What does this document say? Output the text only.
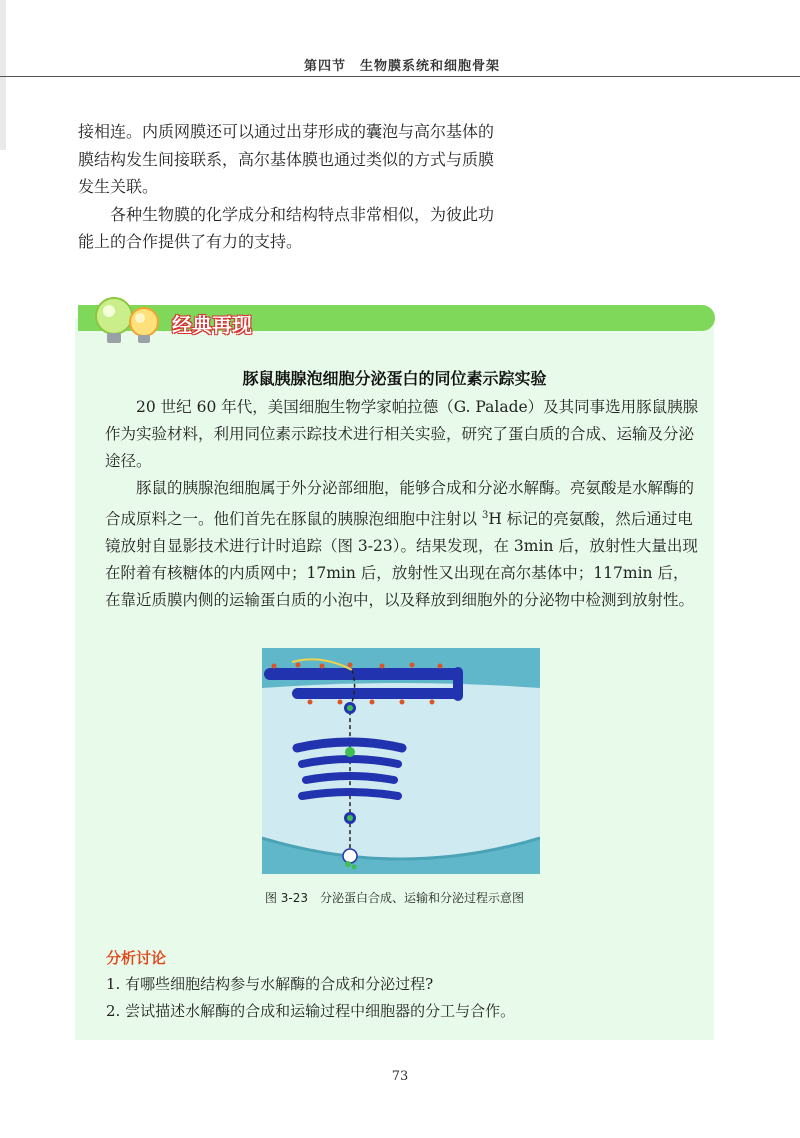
第四节　生物膜系统和细胞骨架

接相连。内质网膜还可以通过出芽形成的囊泡与高尔基体的膜结构发生间接联系，高尔基体膜也通过类似的方式与质膜发生关联。

各种生物膜的化学成分和结构特点非常相似，为彼此功能上的合作提供了有力的支持。

经典再现
豚鼠胰腺泡细胞分泌蛋白的同位素示踪实验

20 世纪 60 年代，美国细胞生物学家帕拉德（G. Palade）及其同事选用豚鼠胰腺作为实验材料，利用同位素示踪技术进行相关实验，研究了蛋白质的合成、运输及分泌途径。

豚鼠的胰腺泡细胞属于外分泌部细胞，能够合成和分泌水解酶。亮氨酸是水解酶的合成原料之一。他们首先在豚鼠的胰腺泡细胞中注射以 $^3$H 标记的亮氨酸，然后通过电镜放射自显影技术进行计时追踪（图 3-23）。结果发现，在 3min 后，放射性大量出现在附着有核糖体的内质网中；17min 后，放射性又出现在高尔基体中；117min 后，在靠近质膜内侧的运输蛋白质的小泡中，以及释放到细胞外的分泌物中检测到放射性。

图 3-23　分泌蛋白合成、运输和分泌过程示意图
分析讨论
1. 有哪些细胞结构参与水解酶的合成和分泌过程?
2. 尝试描述水解酶的合成和运输过程中细胞器的分工与合作。
73
